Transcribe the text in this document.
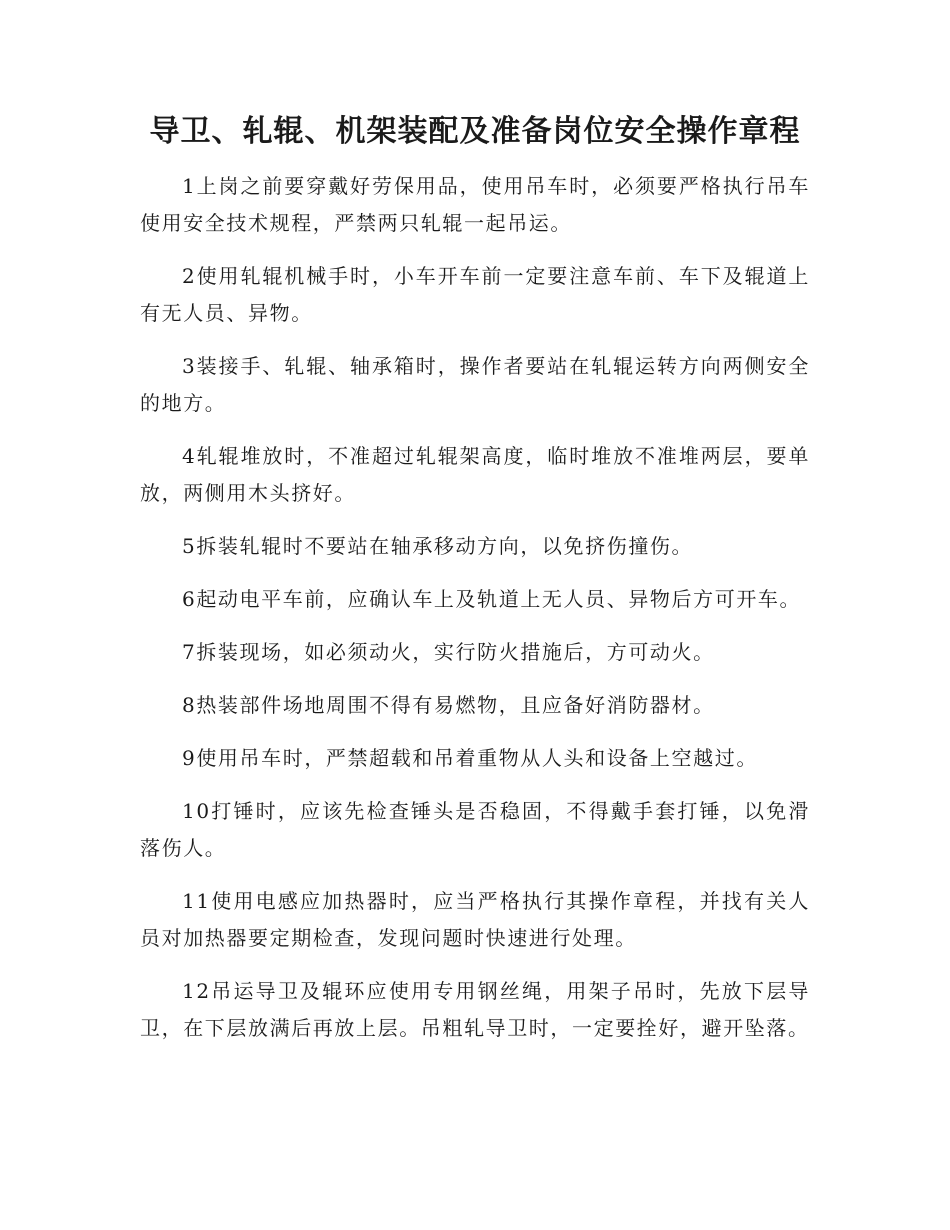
导卫、轧辊、机架装配及准备岗位安全操作章程

1上岗之前要穿戴好劳保用品，使用吊车时，必须要严格执行吊车使用安全技术规程，严禁两只轧辊一起吊运。

2使用轧辊机械手时，小车开车前一定要注意车前、车下及辊道上有无人员、异物。

3装接手、轧辊、轴承箱时，操作者要站在轧辊运转方向两侧安全的地方。

4轧辊堆放时，不准超过轧辊架高度，临时堆放不准堆两层，要单放，两侧用木头挤好。

5拆装轧辊时不要站在轴承移动方向，以免挤伤撞伤。

6起动电平车前，应确认车上及轨道上无人员、异物后方可开车。

7拆装现场，如必须动火，实行防火措施后，方可动火。

8热装部件场地周围不得有易燃物，且应备好消防器材。

9使用吊车时，严禁超载和吊着重物从人头和设备上空越过。

10打锤时，应该先检查锤头是否稳固，不得戴手套打锤，以免滑落伤人。

11使用电感应加热器时，应当严格执行其操作章程，并找有关人员对加热器要定期检查，发现问题时快速进行处理。

12吊运导卫及辊环应使用专用钢丝绳，用架子吊时，先放下层导卫，在下层放满后再放上层。吊粗轧导卫时，一定要拴好，避开坠落。
